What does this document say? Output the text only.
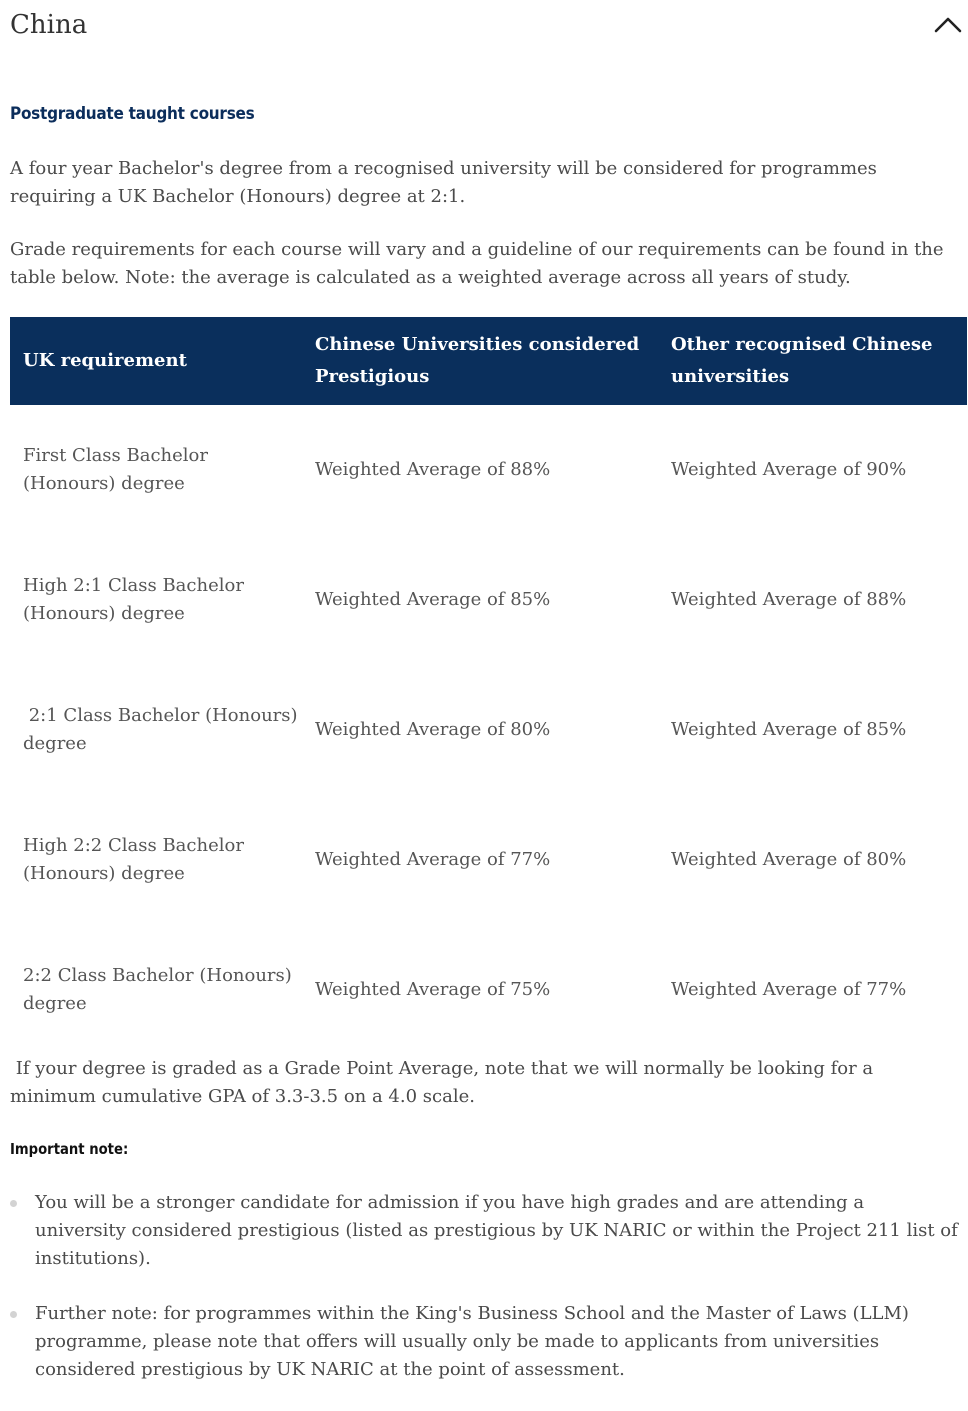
China
Postgraduate taught courses

A four year Bachelor's degree from a recognised university will be considered for programmes requiring a UK Bachelor (Honours) degree at 2:1.

Grade requirements for each course will vary and a guideline of our requirements can be found in the table below. Note: the average is calculated as a weighted average across all years of study.

UK requirement	Chinese Universities considered Prestigious	Other recognised Chinese universities
First Class Bachelor (Honours) degree	Weighted Average of 88%	Weighted Average of 90%
High 2:1 Class Bachelor (Honours) degree	Weighted Average of 85%	Weighted Average of 88%
2:1 Class Bachelor (Honours) degree	Weighted Average of 80%	Weighted Average of 85%
High 2:2 Class Bachelor (Honours) degree	Weighted Average of 77%	Weighted Average of 80%
2:2 Class Bachelor (Honours) degree	Weighted Average of 75%	Weighted Average of 77%

If your degree is graded as a Grade Point Average, note that we will normally be looking for a minimum cumulative GPA of 3.3-3.5 on a 4.0 scale.

Important note:
You will be a stronger candidate for admission if you have high grades and are attending a university considered prestigious (listed as prestigious by UK NARIC or within the Project 211 list of institutions).
Further note: for programmes within the King's Business School and the Master of Laws (LLM) programme, please note that offers will usually only be made to applicants from universities considered prestigious by UK NARIC at the point of assessment.
